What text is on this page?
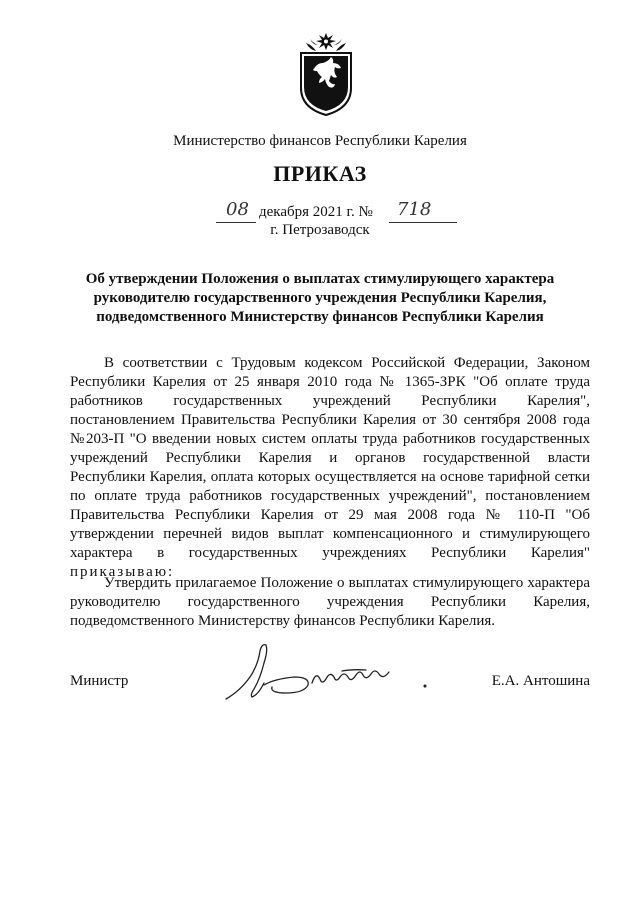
Министерство финансов Республики Карелия
ПРИКАЗ
08 декабря 2021 г. № 718
г. Петрозаводск
Об утверждении Положения о выплатах стимулирующего характера
руководителю государственного учреждения Республики Карелия,
подведомственного Министерству финансов Республики Карелия
В соответствии с Трудовым кодексом Российской Федерации, Законом
Республики Карелия от 25 января 2010 года № 1365-ЗРК "Об оплате труда
работников государственных учреждений Республики Карелия",
постановлением Правительства Республики Карелия от 30 сентября 2008 года
№203-П "О введении новых систем оплаты труда работников государственных
учреждений Республики Карелия и органов государственной власти
Республики Карелия, оплата которых осуществляется на основе тарифной сетки
по оплате труда работников государственных учреждений", постановлением
Правительства Республики Карелия от 29 мая 2008 года № 110-П "Об
утверждении перечней видов выплат компенсационного и стимулирующего
характера в государственных учреждениях Республики Карелия"
приказываю:
Утвердить прилагаемое Положение о выплатах стимулирующего характера
руководителю государственного учреждения Республики Карелия,
подведомственного Министерству финансов Республики Карелия.
Министр	Е.А. Антошина
